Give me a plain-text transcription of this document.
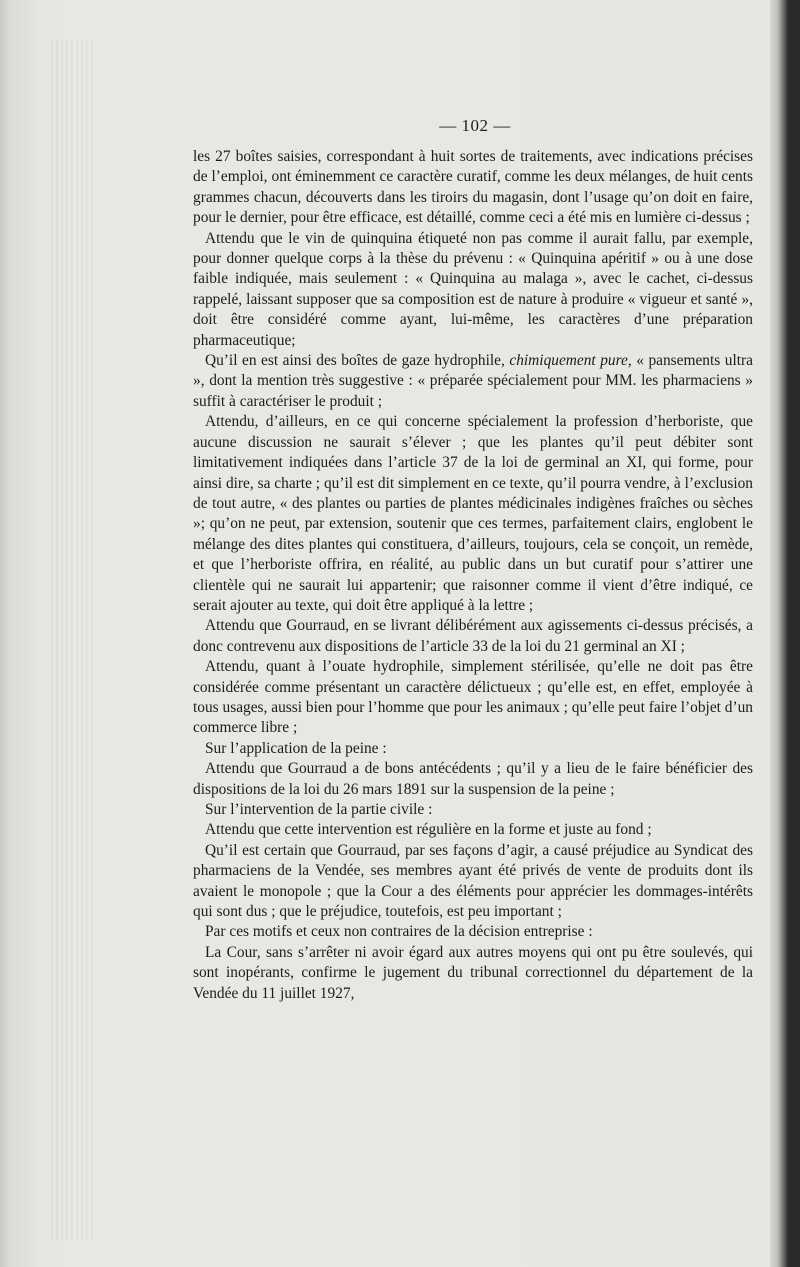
— 102 —

les 27 boîtes saisies, correspondant à huit sortes de traitements, avec indications précises de l’emploi, ont éminemment ce caractère curatif, comme les deux mélanges, de huit cents grammes chacun, découverts dans les tiroirs du magasin, dont l’usage qu’on doit en faire, pour le dernier, pour être efficace, est détaillé, comme ceci a été mis en lumière ci-dessus ;

Attendu que le vin de quinquina étiqueté non pas comme il aurait fallu, par exemple, pour donner quelque corps à la thèse du prévenu : « Quinquina apéritif » ou à une dose faible indiquée, mais seulement : « Quinquina au malaga », avec le cachet, ci-dessus rappelé, laissant supposer que sa composition est de nature à produire « vigueur et santé », doit être considéré comme ayant, lui-même, les caractères d’une préparation pharmaceutique;

Qu’il en est ainsi des boîtes de gaze hydrophile, chimiquement pure, « pansements ultra », dont la mention très suggestive : « préparée spécialement pour MM. les pharmaciens » suffit à caractériser le produit ;

Attendu, d’ailleurs, en ce qui concerne spécialement la profession d’herboriste, que aucune discussion ne saurait s’élever ; que les plantes qu’il peut débiter sont limitativement indiquées dans l’article 37 de la loi de germinal an XI, qui forme, pour ainsi dire, sa charte ; qu’il est dit simplement en ce texte, qu’il pourra vendre, à l’exclusion de tout autre, « des plantes ou parties de plantes médicinales indigènes fraîches ou sèches »; qu’on ne peut, par extension, soutenir que ces termes, parfaitement clairs, englobent le mélange des dites plantes qui constituera, d’ailleurs, toujours, cela se conçoit, un remède, et que l’herboriste offrira, en réalité, au public dans un but curatif pour s’attirer une clientèle qui ne saurait lui appartenir; que raisonner comme il vient d’être indiqué, ce serait ajouter au texte, qui doit être appliqué à la lettre ;

Attendu que Gourraud, en se livrant délibérément aux agissements ci-dessus précisés, a donc contrevenu aux dispositions de l’article 33 de la loi du 21 germinal an XI ;

Attendu, quant à l’ouate hydrophile, simplement stérilisée, qu’elle ne doit pas être considérée comme présentant un caractère délictueux ; qu’elle est, en effet, employée à tous usages, aussi bien pour l’homme que pour les animaux ; qu’elle peut faire l’objet d’un commerce libre ;

Sur l’application de la peine :

Attendu que Gourraud a de bons antécédents ; qu’il y a lieu de le faire bénéficier des dispositions de la loi du 26 mars 1891 sur la suspension de la peine ;

Sur l’intervention de la partie civile :

Attendu que cette intervention est régulière en la forme et juste au fond ;

Qu’il est certain que Gourraud, par ses façons d’agir, a causé préjudice au Syndicat des pharmaciens de la Vendée, ses membres ayant été privés de vente de produits dont ils avaient le monopole ; que la Cour a des éléments pour apprécier les dommages-intérêts qui sont dus ; que le préjudice, toutefois, est peu important ;

Par ces motifs et ceux non contraires de la décision entreprise :

La Cour, sans s’arrêter ni avoir égard aux autres moyens qui ont pu être soulevés, qui sont inopérants, confirme le jugement du tribunal correctionnel du département de la Vendée du 11 juillet 1927,
